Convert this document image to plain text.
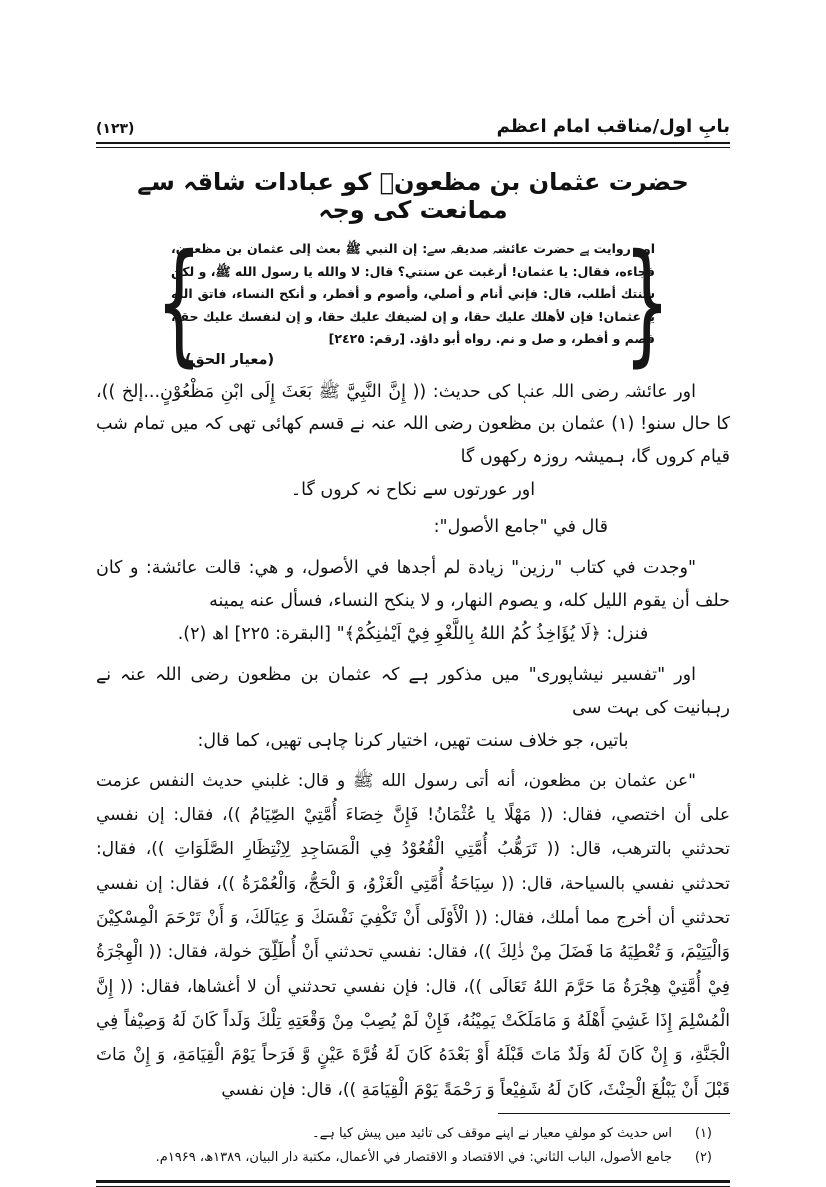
بابِ اول/مناقب امام اعظم
(۱۲۳)
حضرت عثمان بن مظعونؓ کو عبادات شاقہ سے ممانعت کی وجہ
{
اور روایت ہے حضرت عائشہ صدیقہ سے: إن النبي ﷺ بعث إلى عثمان بن مظعون، فجاءه، فقال: يا عثمان! أرغبت عن سنتي؟ قال: لا والله يا رسول الله ﷺ، و لكن سنتك أطلب، قال: فإني أنام و أصلي، وأصوم و أفطر، و أنكح النساء، فاتق الله يا عثمان! فإن لأهلك عليك حقا، و إن لضيفك عليك حقا، و إن لنفسك عليك حقا، فصم و أفطر، و صل و نم. رواه أبو داؤد. [رقم: ٢٤٢٥]
(معيار الحق)
}
اور عائشہ رضی اللہ عنہا کی حدیث: (( إِنَّ النَّبِيَّ ﷺ بَعَثَ إِلَى ابْنِ مَظْعُوْنٍ...إلخ ))، کا حال سنو! (۱) عثمان بن مظعون رضی اللہ عنہ نے قسم کھائی تھی کہ میں تمام شب قیام کروں گا، ہمیشہ روزہ رکھوں گا
اور عورتوں سے نکاح نہ کروں گا۔
قال في "جامع الأصول":
"وجدت في كتاب "رزين" زيادة لم أجدها في الأصول، و هي: قالت عائشة: و كان حلف أن يقوم الليل كله، و يصوم النهار، و لا ينكح النساء، فسأل عنه يمينه
فنزل: ﴿لَا يُؤَاخِذُ كُمُ اللهُ بِاللَّغْوِ فِيْٓ اَيْمٰنِكُمْ﴾" [البقرة: ٢٢٥] اھ (٢).
اور "تفسیر نیشاپوری" میں مذکور ہے کہ عثمان بن مظعون رضی اللہ عنہ نے رہبانیت کی بہت سی
باتیں، جو خلاف سنت تھیں، اختیار کرنا چاہی تھیں، کما قال:
"عن عثمان بن مظعون، أنه أتى رسول الله ﷺ و قال: غلبني حديث النفس عزمت على أن اختصي، فقال: (( مَهْلًا يا عُثْمَانُ! فَإِنَّ خِصَاءَ أُمَّتِيْ الصِّيَامُ ))، فقال: إن نفسي تحدثني بالترهب، قال: (( تَرَهُّبُ أُمَّتِي الْقُعُوْدُ فِي الْمَسَاجِدِ لِاِنْتِظَارِ الصَّلَوَاتِ ))، فقال: تحدثني نفسي بالسياحة، قال: (( سِيَاحَةُ أُمَّتِي الْغَزْوُ، وَ الْحَجُّ، وَالْعُمْرَةُ ))، فقال: إن نفسي تحدثني أن أخرج مما أملك، فقال: (( الْأَوْلَى أَنْ تَكْفِيَ نَفْسَكَ وَ عِيَالَكَ، وَ أَنْ تَرْحَمَ الْمِسْكِيْنَ وَالْيَتِيْمَ، وَ تُعْطِيَهُ مَا فَضَلَ مِنْ ذٰلِكَ ))، فقال: نفسي تحدثني أَنْ أُطَلِّقَ خولة، فقال: (( الْهِجْرَةُ فِيْ أُمَّتِيْ هِجْرَةُ مَا حَرَّمَ اللهُ تَعَالَى ))، قال: فإن نفسي تحدثني أن لا أغشاها، فقال: (( إِنَّ الْمُسْلِمَ إِذَا غَشِيَ أَهْلَهُ وَ مَامَلَكَتْ يَمِيْنُهُ، فَإِنْ لَمْ يُصِبْ مِنْ وَقْعَتِهِ تِلْكَ وَلَداً كَانَ لَهُ وَصِيْفاً فِي الْجَنَّةِ، وَ إِنْ كَانَ لَهُ وَلَدٌ مَاتَ قَبْلَهُ أَوْ بَعْدَهُ كَانَ لَهُ قُرَّةَ عَيْنٍ وَّ فَرَحاً يَوْمَ الْقِيَامَةِ، وَ إِنْ مَاتَ قَبْلَ أَنْ يَبْلُغَ الْحِنْثَ، كَانَ لَهُ شَفِيْعاً وَ رَحْمَةً يَوْمَ الْقِيَامَةِ ))، قال: فإن نفسي
(۱)
اس حدیث کو مولفِ معیار نے اپنے موقف کی تائید میں پیش کیا ہے۔
(۲)
جامع الأصول، الباب الثاني: في الاقتصاد و الاقتصار في الأعمال، مكتبة دار البيان، ۱۳۸۹ھ، ۱۹۶۹م.
